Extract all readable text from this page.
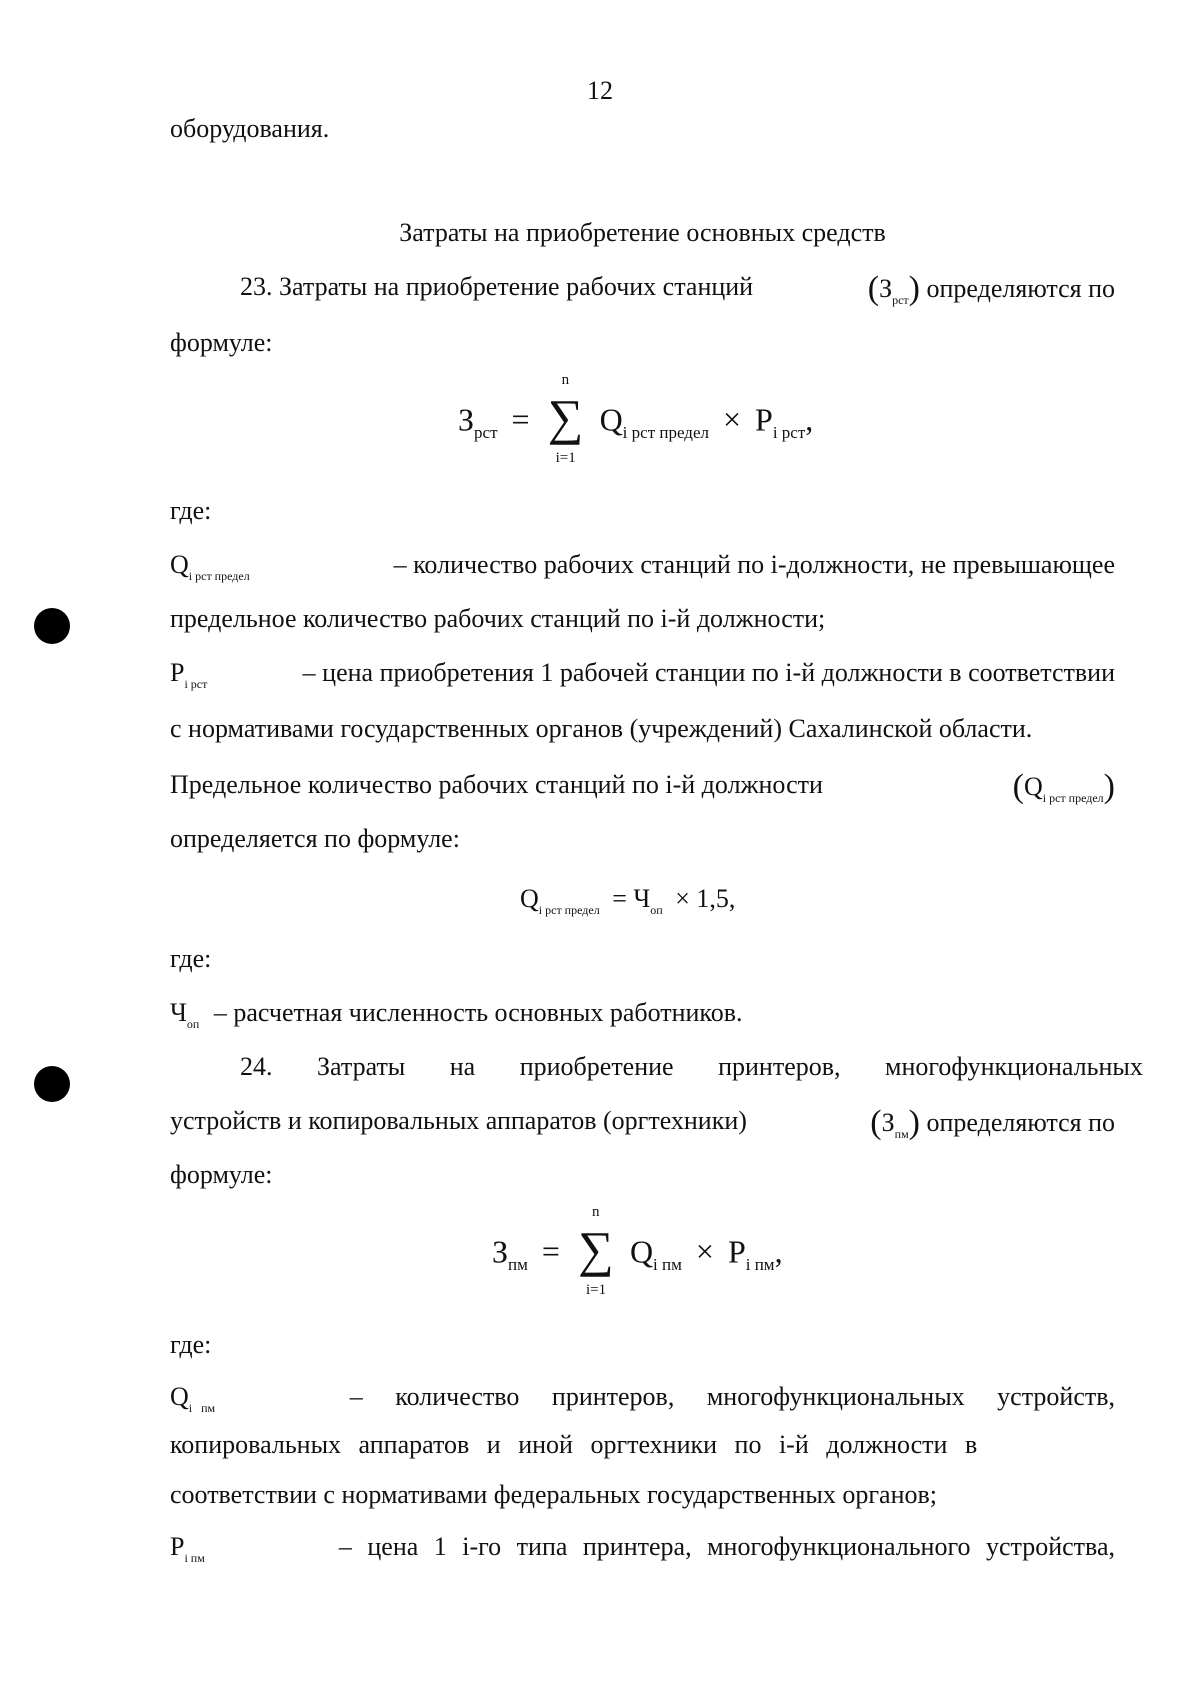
12
оборудования.
Затраты на приобретение основных средств
23. Затраты на приобретение рабочих станций	$(З_{рст})$ определяются по
формуле:
$З_{рст}$ = ∑
n
i=1
$Q_{i рст предел} \times P_{i рст}$,
где:
$Q_{i рст предел}$	– количество рабочих станций по i-должности, не превышающее
предельное количество рабочих станций по i-й должности;
$P_{i рст}$	– цена приобретения 1 рабочей станции по i-й должности в соответствии
с нормативами государственных органов (учреждений) Сахалинской области.
Предельное количество рабочих станций по i-й должности	$(Q_{i рст предел})$
определяется по формуле:
$Q_{i рст предел} = Ч_{оп} \times 1,5$,
где:
$Ч_{оп}$ – расчетная численность основных работников.
24. Затраты на приобретение принтеров, многофункциональных
устройств и копировальных аппаратов (оргтехники)	$(З_{пм})$ определяются по
формуле:
$З_{пм}$ = ∑
n
i=1
$Q_{i пм} \times P_{i пм}$,
где:
$Q_{i пм}$	– количество принтеров, многофункциональных устройств,
копировальных аппаратов и иной оргтехники по i-й должности в
соответствии с нормативами федеральных государственных органов;
$P_{i пм}$	– цена 1 i-го типа принтера, многофункционального устройства,
